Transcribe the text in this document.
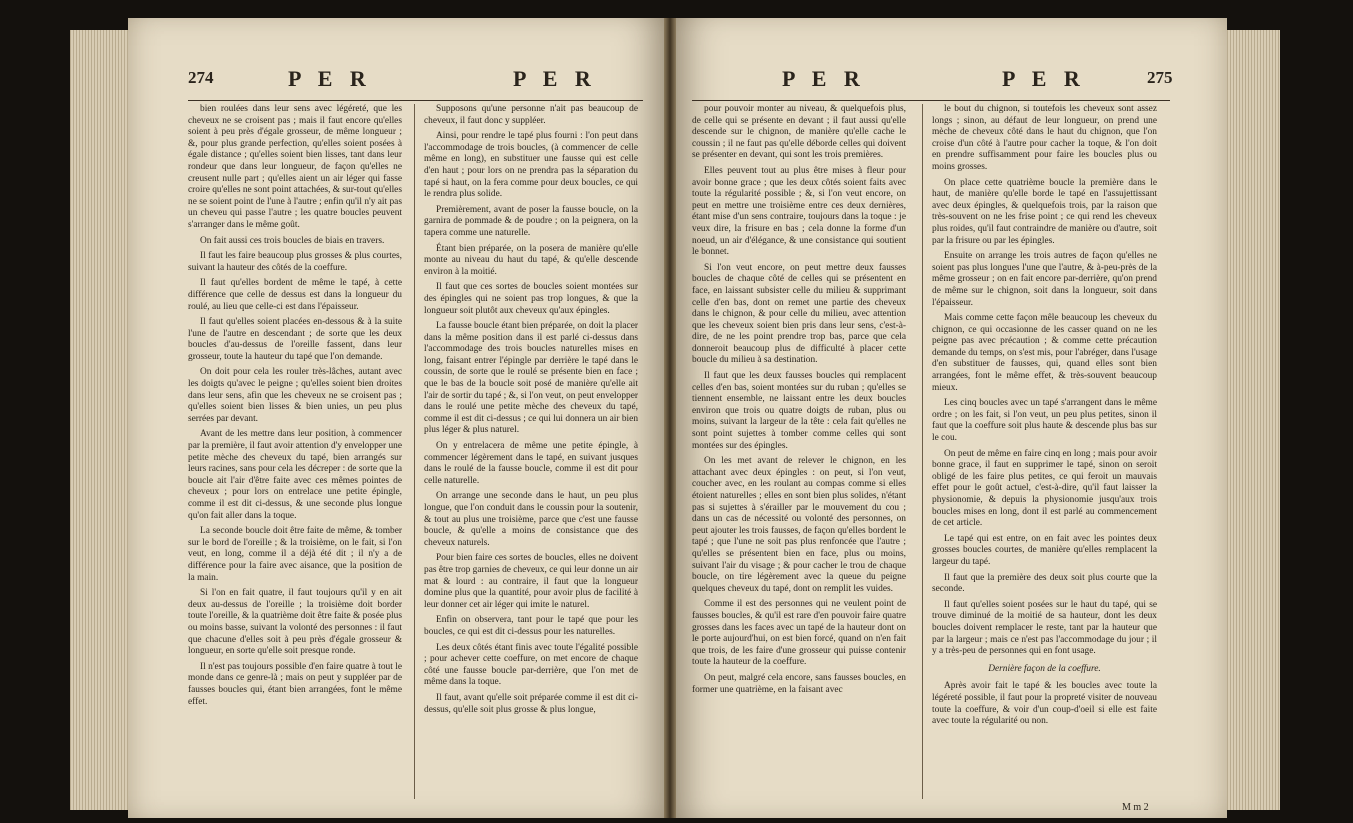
274	P E R	P E R

bien roulées dans leur sens avec légéreté, que les cheveux ne se croisent pas ; mais il faut encore qu'elles soient à peu près d'égale grosseur, de même longueur ; &, pour plus grande perfection, qu'elles soient posées à égale distance ; qu'elles soient bien lisses, tant dans leur rondeur que dans leur longueur, de façon qu'elles ne creusent nulle part ; qu'elles aient un air léger qui fasse croire qu'elles ne sont point attachées, & sur-tout qu'elles ne se soient point de l'une à l'autre ; enfin qu'il n'y ait pas un cheveu qui passe l'autre ; les quatre boucles peuvent s'arranger dans le même goût.

On fait aussi ces trois boucles de biais en travers.

Il faut les faire beaucoup plus grosses & plus courtes, suivant la hauteur des côtés de la coeffure.

Il faut qu'elles bordent de même le tapé, à cette différence que celle de dessus est dans la longueur du roulé, au lieu que celle-ci est dans l'épaisseur.

Il faut qu'elles soient placées en-dessous & à la suite l'une de l'autre en descendant ; de sorte que les deux boucles d'au-dessus de l'oreille fassent, dans leur grosseur, toute la hauteur du tapé que l'on demande.

On doit pour cela les rouler très-lâches, autant avec les doigts qu'avec le peigne ; qu'elles soient bien droites dans leur sens, afin que les cheveux ne se croisent pas ; qu'elles soient bien lisses & bien unies, un peu plus serrées par devant.

Avant de les mettre dans leur position, à commencer par la première, il faut avoir attention d'y envelopper une petite mèche des cheveux du tapé, bien arrangés sur leurs racines, sans pour cela les décreper : de sorte que la boucle ait l'air d'être faite avec ces mêmes pointes de cheveux ; pour lors on entrelace une petite épingle, comme il est dit ci-dessus, & une seconde plus longue qu'on fait aller dans la toque.

La seconde boucle doit être faite de même, & tomber sur le bord de l'oreille ; & la troisième, on le fait, si l'on veut, en long, comme il a déjà été dit ; il n'y a de différence pour la faire avec aisance, que la position de la main.

Si l'on en fait quatre, il faut toujours qu'il y en ait deux au-dessus de l'oreille ; la troisième doit border toute l'oreille, & la quatrième doit être faite & posée plus ou moins basse, suivant la volonté des personnes : il faut que chacune d'elles soit à peu près d'égale grosseur & longueur, en sorte qu'elle soit presque ronde.

Il n'est pas toujours possible d'en faire quatre à tout le monde dans ce genre-là ; mais on peut y suppléer par de fausses boucles qui, étant bien arrangées, font le même effet.

Supposons qu'une personne n'ait pas beaucoup de cheveux, il faut donc y suppléer.

Ainsi, pour rendre le tapé plus fourni : l'on peut dans l'accommodage de trois boucles, (à commencer de celle même en long), en substituer une fausse qui est celle d'en haut ; pour lors on ne prendra pas la séparation du tapé si haut, on la fera comme pour deux boucles, ce qui le rendra plus solide.

Premièrement, avant de poser la fausse boucle, on la garnira de pommade & de poudre ; on la peignera, on la tapera comme une naturelle.

Étant bien préparée, on la posera de manière qu'elle monte au niveau du haut du tapé, & qu'elle descende environ à la moitié.

Il faut que ces sortes de boucles soient montées sur des épingles qui ne soient pas trop longues, & que la longueur soit plutôt aux cheveux qu'aux épingles.

La fausse boucle étant bien préparée, on doit la placer dans la même position dans il est parlé ci-dessus dans l'accommodage des trois boucles naturelles mises en long, faisant entrer l'épingle par derrière le tapé dans le coussin, de sorte que le roulé se présente bien en face ; que le bas de la boucle soit posé de manière qu'elle ait l'air de sortir du tapé ; &, si l'on veut, on peut envelopper dans le roulé une petite mèche des cheveux du tapé, comme il est dit ci-dessus ; ce qui lui donnera un air bien plus léger & plus naturel.

On y entrelacera de même une petite épingle, à commencer légèrement dans le tapé, en suivant jusques dans le roulé de la fausse boucle, comme il est dit pour celle naturelle.

On arrange une seconde dans le haut, un peu plus longue, que l'on conduit dans le coussin pour la soutenir, & tout au plus une troisième, parce que c'est une fausse boucle, & qu'elle a moins de consistance que des cheveux naturels.

Pour bien faire ces sortes de boucles, elles ne doivent pas être trop garnies de cheveux, ce qui leur donne un air mat & lourd : au contraire, il faut que la longueur domine plus que la quantité, pour avoir plus de facilité à leur donner cet air léger qui imite le naturel.

Enfin on observera, tant pour le tapé que pour les boucles, ce qui est dit ci-dessus pour les naturelles.

Les deux côtés étant finis avec toute l'égalité possible ; pour achever cette coeffure, on met encore de chaque côté une fausse boucle par-derrière, que l'on met de même dans la toque.

Il faut, avant qu'elle soit préparée comme il est dit ci-dessus, qu'elle soit plus grosse & plus longue,

P E R	P E R	275

pour pouvoir monter au niveau, & quelquefois plus, de celle qui se présente en devant ; il faut aussi qu'elle descende sur le chignon, de manière qu'elle cache le coussin ; il ne faut pas qu'elle déborde celles qui doivent se présenter en devant, qui sont les trois premières.

Elles peuvent tout au plus être mises à fleur pour avoir bonne grace ; que les deux côtés soient faits avec toute la régularité possible ; &, si l'on veut encore, on peut en mettre une troisième entre ces deux dernières, étant mise d'un sens contraire, toujours dans la toque : je veux dire, la frisure en bas ; cela donne la forme d'un noeud, un air d'élégance, & une consistance qui soutient le bonnet.

Si l'on veut encore, on peut mettre deux fausses boucles de chaque côté de celles qui se présentent en face, en laissant subsister celle du milieu & supprimant celle d'en bas, dont on remet une partie des cheveux dans le chignon, & pour celle du milieu, avec attention que les cheveux soient bien pris dans leur sens, c'est-à-dire, de ne les point prendre trop bas, parce que cela donneroit beaucoup plus de difficulté à placer cette boucle du milieu à sa destination.

Il faut que les deux fausses boucles qui remplacent celles d'en bas, soient montées sur du ruban ; qu'elles se tiennent ensemble, ne laissant entre les deux boucles environ que trois ou quatre doigts de ruban, plus ou moins, suivant la largeur de la tête : cela fait qu'elles ne sont point sujettes à tomber comme celles qui sont montées sur des épingles.

On les met avant de relever le chignon, en les attachant avec deux épingles : on peut, si l'on veut, coucher avec, en les roulant au compas comme si elles étoient naturelles ; elles en sont bien plus solides, n'étant pas si sujettes à s'érailler par le mouvement du cou ; dans un cas de nécessité ou volonté des personnes, on peut ajouter les trois fausses, de façon qu'elles bordent le tapé ; que l'une ne soit pas plus renfoncée que l'autre ; qu'elles se présentent bien en face, plus ou moins, suivant l'air du visage ; & pour cacher le trou de chaque boucle, on tire légèrement avec la queue du peigne quelques cheveux du tapé, dont on remplit les vuides.

Comme il est des personnes qui ne veulent point de fausses boucles, & qu'il est rare d'en pouvoir faire quatre grosses dans les faces avec un tapé de la hauteur dont on le porte aujourd'hui, on est bien forcé, quand on n'en fait que trois, de les faire d'une grosseur qui puisse contenir toute la hauteur de la coeffure.

On peut, malgré cela encore, sans fausses boucles, en former une quatrième, en la faisant avec

le bout du chignon, si toutefois les cheveux sont assez longs ; sinon, au défaut de leur longueur, on prend une mèche de cheveux côté dans le haut du chignon, que l'on croise d'un côté à l'autre pour cacher la toque, & l'on doit en prendre suffisamment pour faire les boucles plus ou moins grosses.

On place cette quatrième boucle la première dans le haut, de manière qu'elle borde le tapé en l'assujettissant avec deux épingles, & quelquefois trois, par la raison que très-souvent on ne les frise point ; ce qui rend les cheveux plus roides, qu'il faut contraindre de manière ou d'autre, soit par la frisure ou par les épingles.

Ensuite on arrange les trois autres de façon qu'elles ne soient pas plus longues l'une que l'autre, & à-peu-près de la même grosseur ; on en fait encore par-derrière, qu'on prend de même sur le chignon, soit dans la longueur, soit dans l'épaisseur.

Mais comme cette façon mêle beaucoup les cheveux du chignon, ce qui occasionne de les casser quand on ne les peigne pas avec précaution ; & comme cette précaution demande du temps, on s'est mis, pour l'abréger, dans l'usage d'en substituer de fausses, qui, quand elles sont bien arrangées, font le même effet, & très-souvent beaucoup mieux.

Les cinq boucles avec un tapé s'arrangent dans le même ordre ; on les fait, si l'on veut, un peu plus petites, sinon il faut que la coeffure soit plus haute & descende plus bas sur le cou.

On peut de même en faire cinq en long ; mais pour avoir bonne grace, il faut en supprimer le tapé, sinon on seroit obligé de les faire plus petites, ce qui feroit un mauvais effet pour le goût actuel, c'est-à-dire, qu'il faut laisser la physionomie, & depuis la physionomie jusqu'aux trois boucles mises en long, dont il est parlé au commencement de cet article.

Le tapé qui est entre, on en fait avec les pointes deux grosses boucles courtes, de manière qu'elles remplacent la largeur du tapé.

Il faut que la première des deux soit plus courte que la seconde.

Il faut qu'elles soient posées sur le haut du tapé, qui se trouve diminué de la moitié de sa hauteur, dont les deux boucles doivent remplacer le reste, tant par la hauteur que par la largeur ; mais ce n'est pas l'accommodage du jour ; il y a très-peu de personnes qui en font usage.

Dernière façon de la coeffure.

Après avoir fait le tapé & les boucles avec toute la légéreté possible, il faut pour la propreté visiter de nouveau toute la coeffure, & voir d'un coup-d'oeil si elle est faite avec toute la régularité ou non.

M m 2
